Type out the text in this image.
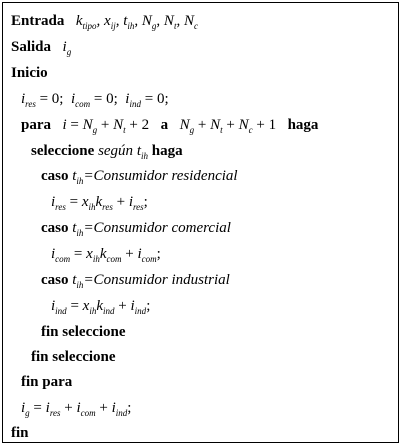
Entrada $k_{tipo}$, $x_{ij}$, $t_{ih}$, $N_g$, $N_t$, $N_c$
Salida $i_g$
Inicio
$i_{res} = 0$;  $i_{com} = 0$;  $i_{ind} = 0$;
para $i = N_g + N_t + 2$ a $N_g + N_t + N_c + 1$ haga
seleccione según $t_{ih}$ haga
caso $t_{ih}=Consumidor$ residencial
$i_{res} = x_{ih}k_{res} + i_{res}$;
caso $t_{ih}=Consumidor$ comercial
$i_{com} = x_{ih}k_{com} + i_{com}$;
caso $t_{ih}=Consumidor$ industrial
$i_{ind} = x_{ih}k_{ind} + i_{ind}$;
fin seleccione
fin seleccione
fin para
$i_g = i_{res} + i_{com} + i_{ind}$;
fin
